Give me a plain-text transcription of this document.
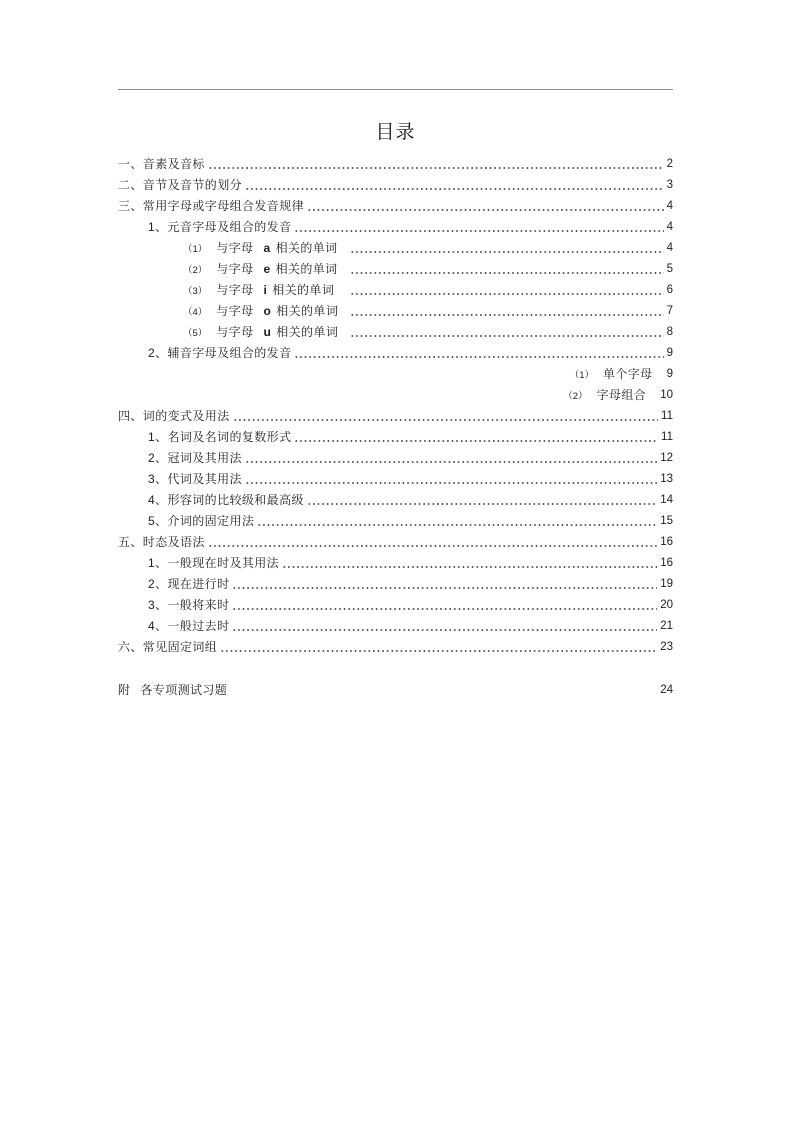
目录
一、音素及音标	2
二、音节及音节的划分	3
三、常用字母或字母组合发音规律	4
1、元音字母及组合的发音	4
（1） 与字母 a 相关的单词	4
（2） 与字母 e 相关的单词	5
（3） 与字母 i 相关的单词	6
（4） 与字母 o 相关的单词	7
（5） 与字母 u 相关的单词	8
2、辅音字母及组合的发音	9
（1） 单个字母 9
（2） 字母组合 10
四、词的变式及用法	11
1、名词及名词的复数形式	11
2、冠词及其用法	12
3、代词及其用法	13
4、形容词的比较级和最高级	14
5、介词的固定用法	15
五、时态及语法	16
1、一般现在时及其用法	16
2、现在进行时	19
3、一般将来时	20
4、一般过去时	21
六、常见固定词组	23
附 各专项测试习题	24
